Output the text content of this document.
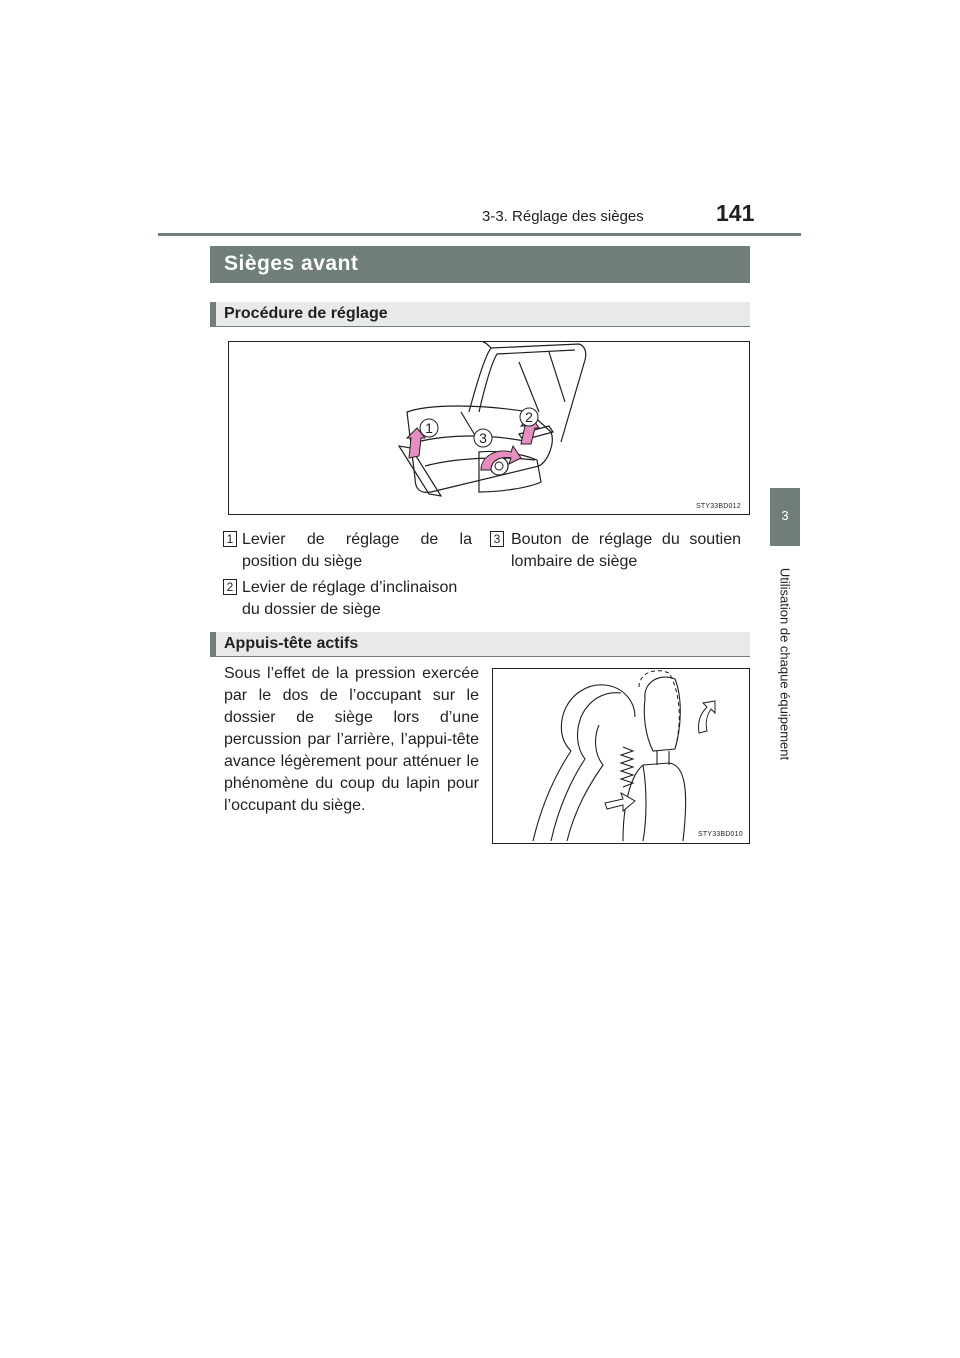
141
3-3. Réglage des sièges
Sièges avant
Procédure de réglage
1
2
3
STY33BD012
1 Levier de réglage de la
position du siège
2 Levier de réglage d’inclinaison du dossier de siège
3 Bouton de réglage du soutien
lombaire de siège
Appuis-tête actifs
Sous l’effet de la pression exercée par le dos de l’occupant sur le dossier de siège lors d’une percussion par l’arrière, l’appui-tête avance légèrement pour atténuer le phénomène du coup du lapin pour l’occupant du siège.
STY33BD010
3
Utilisation de chaque équipement
